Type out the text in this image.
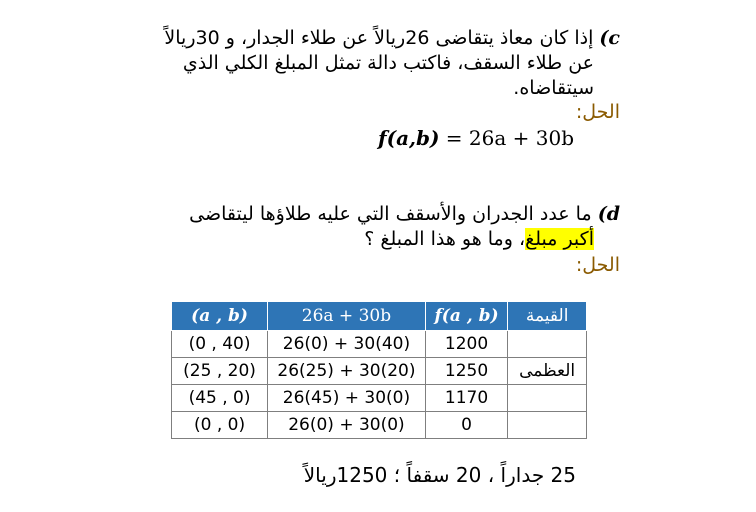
c) إذا كان معاذ يتقاضى 26ريالاً عن طلاء الجدار، و 30ريالاً
عن طلاء السقف، فاكتب دالة تمثل المبلغ الكلي الذي
سيتقاضاه.
الحل:
f(a,b) = 26a + 30b
d) ما عدد الجدران والأسقف التي عليه طلاؤها ليتقاضى
أكبر مبلغ، وما هو هذا المبلغ ؟
الحل:
(a , b)	26a + 30b	f(a , b)	القيمة
(0 , 40)	26(0) + 30(40)	1200	
(25 , 20)	26(25) + 30(20)	1250	العظمى
(45 , 0)	26(45) + 30(0)	1170	
(0 , 0)	26(0) + 30(0)	0	
25 جداراً ، 20 سقفاً ؛ 1250ريالاً
